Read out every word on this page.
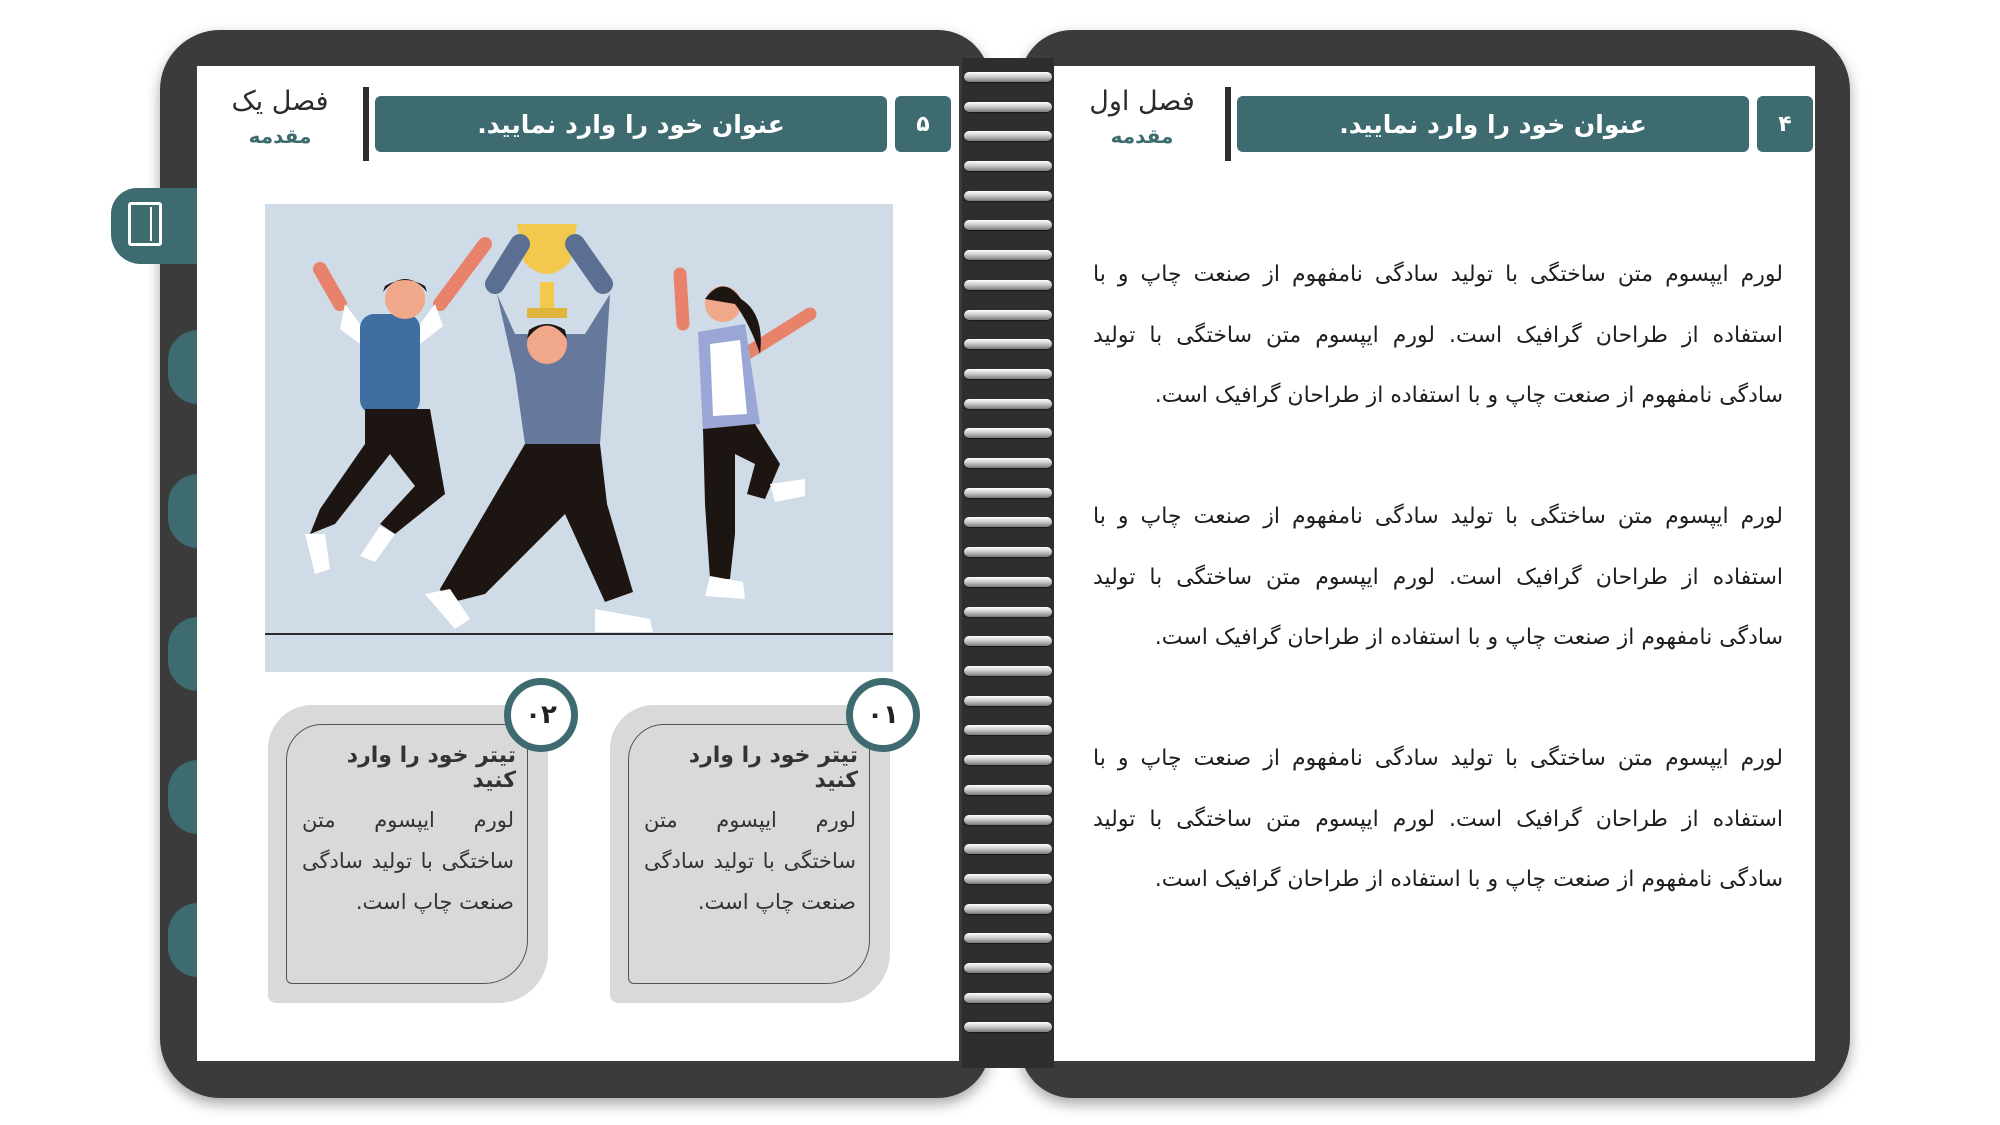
۵
عنوان خود را وارد نمایید.
فصل یک
مقدمه
تیتر خود را وارد کنید
لورم ایپسوم متن ساختگی با تولید سادگی صنعت چاپ است.
۰۲
تیتر خود را وارد کنید
لورم ایپسوم متن ساختگی با تولید سادگی صنعت چاپ است.
۰۱
۴
عنوان خود را وارد نمایید.
فصل اول
مقدمه
لورم ایپسوم متن ساختگی با تولید سادگی نامفهوم از صنعت چاپ و با استفاده از طراحان گرافیک است. لورم ایپسوم متن ساختگی با تولید سادگی نامفهوم از صنعت چاپ و با استفاده از طراحان گرافیک است.
لورم ایپسوم متن ساختگی با تولید سادگی نامفهوم از صنعت چاپ و با استفاده از طراحان گرافیک است. لورم ایپسوم متن ساختگی با تولید سادگی نامفهوم از صنعت چاپ و با استفاده از طراحان گرافیک است.
لورم ایپسوم متن ساختگی با تولید سادگی نامفهوم از صنعت چاپ و با استفاده از طراحان گرافیک است. لورم ایپسوم متن ساختگی با تولید سادگی نامفهوم از صنعت چاپ و با استفاده از طراحان گرافیک است.
